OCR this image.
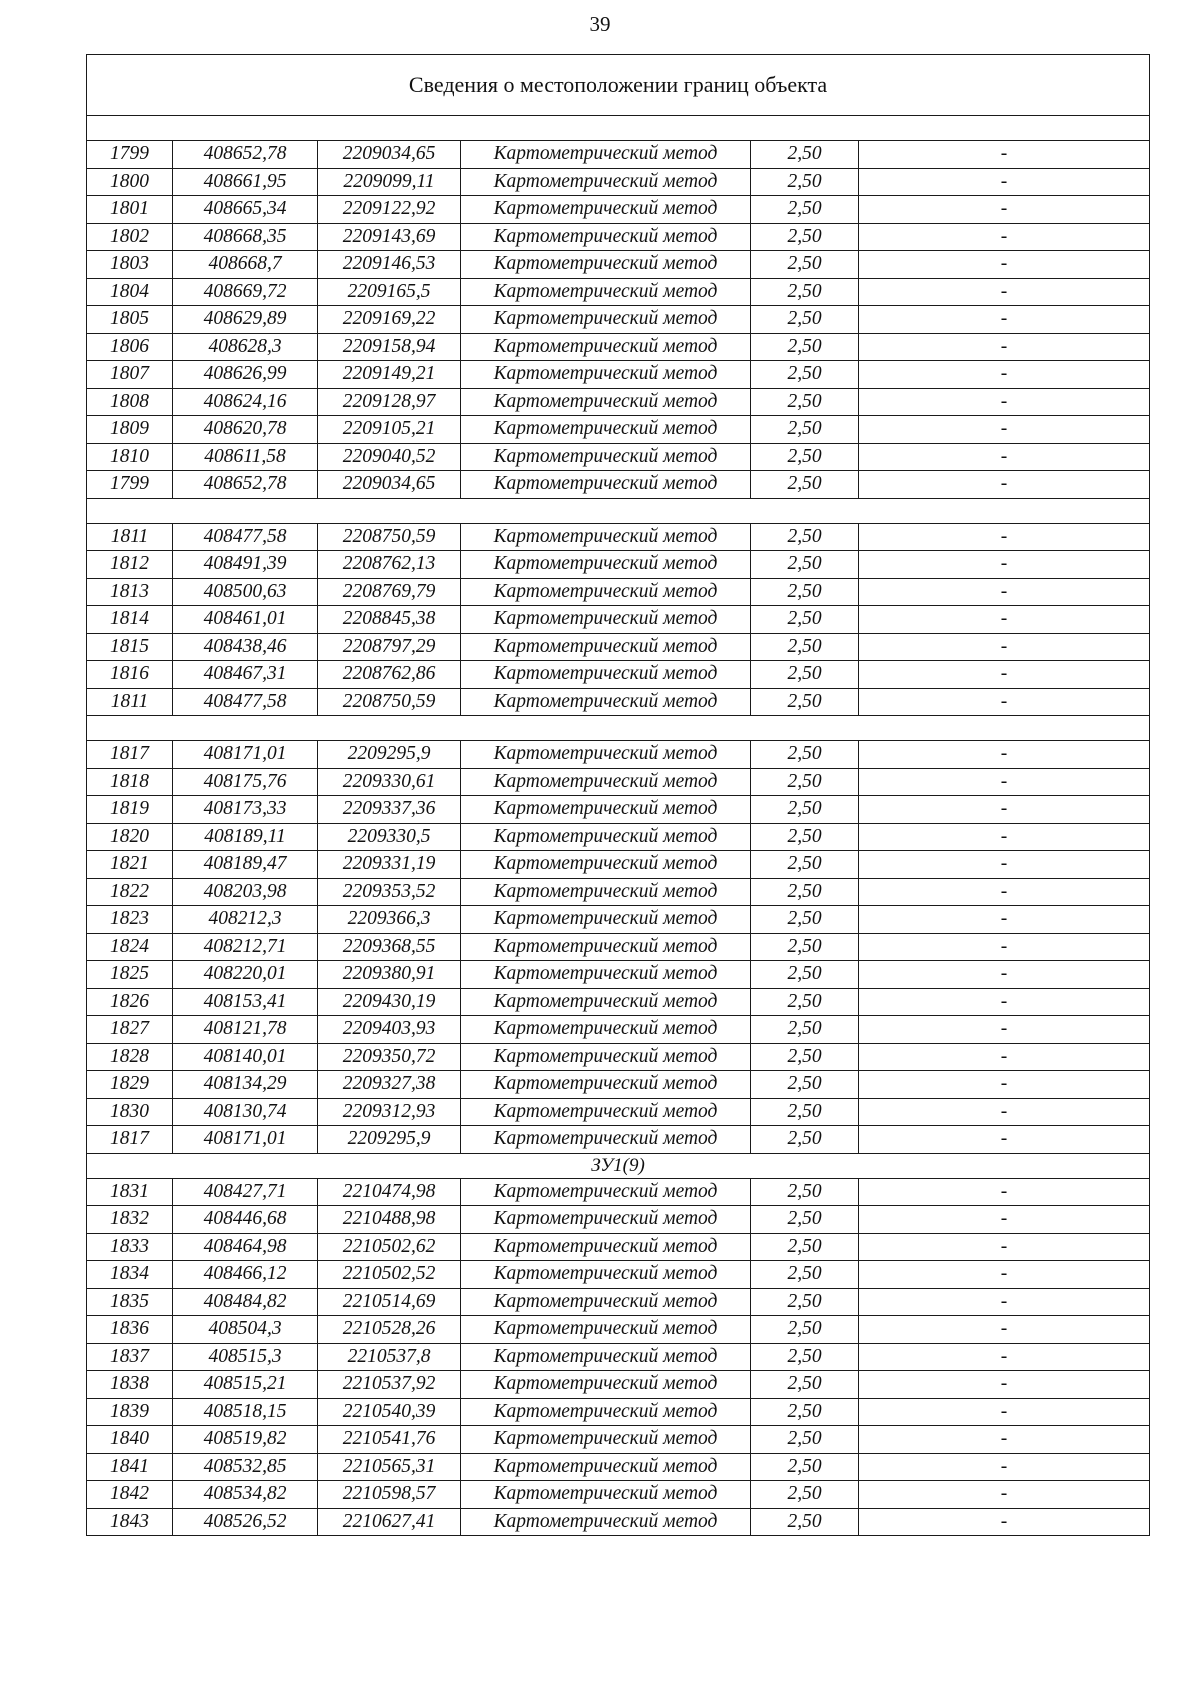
39
Сведения о местоположении границ объекта					

1799	408652,78	2209034,65	Картометрический метод	2,50	-
1800	408661,95	2209099,11	Картометрический метод	2,50	-
1801	408665,34	2209122,92	Картометрический метод	2,50	-
1802	408668,35	2209143,69	Картометрический метод	2,50	-
1803	408668,7	2209146,53	Картометрический метод	2,50	-
1804	408669,72	2209165,5	Картометрический метод	2,50	-
1805	408629,89	2209169,22	Картометрический метод	2,50	-
1806	408628,3	2209158,94	Картометрический метод	2,50	-
1807	408626,99	2209149,21	Картометрический метод	2,50	-
1808	408624,16	2209128,97	Картометрический метод	2,50	-
1809	408620,78	2209105,21	Картометрический метод	2,50	-
1810	408611,58	2209040,52	Картометрический метод	2,50	-
1799	408652,78	2209034,65	Картометрический метод	2,50	-

1811	408477,58	2208750,59	Картометрический метод	2,50	-
1812	408491,39	2208762,13	Картометрический метод	2,50	-
1813	408500,63	2208769,79	Картометрический метод	2,50	-
1814	408461,01	2208845,38	Картометрический метод	2,50	-
1815	408438,46	2208797,29	Картометрический метод	2,50	-
1816	408467,31	2208762,86	Картометрический метод	2,50	-
1811	408477,58	2208750,59	Картометрический метод	2,50	-

1817	408171,01	2209295,9	Картометрический метод	2,50	-
1818	408175,76	2209330,61	Картометрический метод	2,50	-
1819	408173,33	2209337,36	Картометрический метод	2,50	-
1820	408189,11	2209330,5	Картометрический метод	2,50	-
1821	408189,47	2209331,19	Картометрический метод	2,50	-
1822	408203,98	2209353,52	Картометрический метод	2,50	-
1823	408212,3	2209366,3	Картометрический метод	2,50	-
1824	408212,71	2209368,55	Картометрический метод	2,50	-
1825	408220,01	2209380,91	Картометрический метод	2,50	-
1826	408153,41	2209430,19	Картометрический метод	2,50	-
1827	408121,78	2209403,93	Картометрический метод	2,50	-
1828	408140,01	2209350,72	Картометрический метод	2,50	-
1829	408134,29	2209327,38	Картометрический метод	2,50	-
1830	408130,74	2209312,93	Картометрический метод	2,50	-
1817	408171,01	2209295,9	Картометрический метод	2,50	-
ЗУ1(9)					
1831	408427,71	2210474,98	Картометрический метод	2,50	-
1832	408446,68	2210488,98	Картометрический метод	2,50	-
1833	408464,98	2210502,62	Картометрический метод	2,50	-
1834	408466,12	2210502,52	Картометрический метод	2,50	-
1835	408484,82	2210514,69	Картометрический метод	2,50	-
1836	408504,3	2210528,26	Картометрический метод	2,50	-
1837	408515,3	2210537,8	Картометрический метод	2,50	-
1838	408515,21	2210537,92	Картометрический метод	2,50	-
1839	408518,15	2210540,39	Картометрический метод	2,50	-
1840	408519,82	2210541,76	Картометрический метод	2,50	-
1841	408532,85	2210565,31	Картометрический метод	2,50	-
1842	408534,82	2210598,57	Картометрический метод	2,50	-
1843	408526,52	2210627,41	Картометрический метод	2,50	-
